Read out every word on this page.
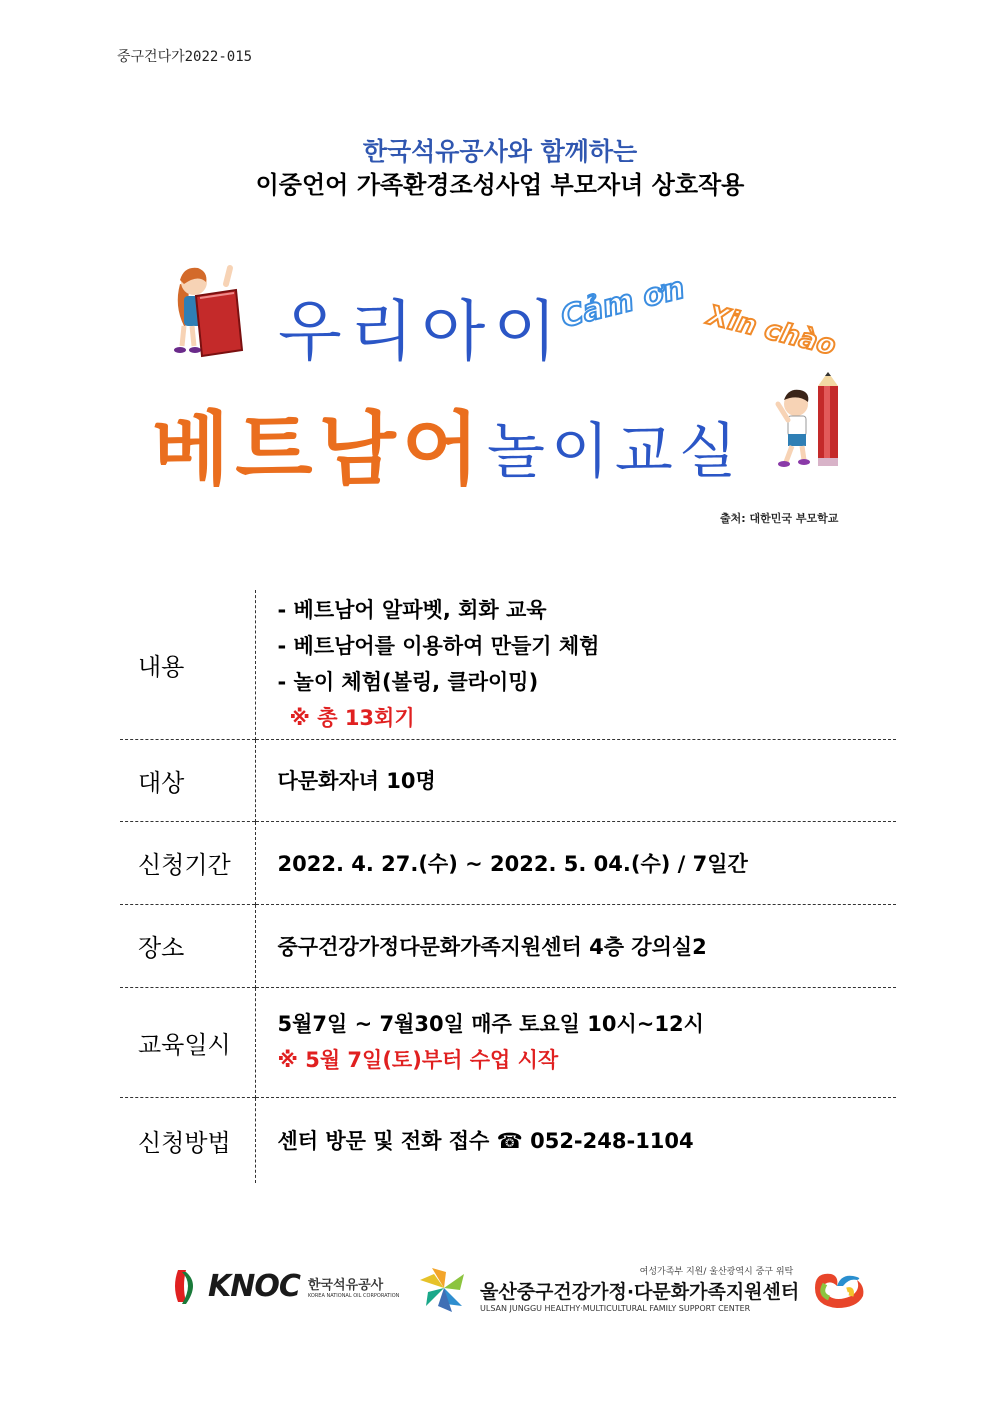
중구건다가2022-015
한국석유공사와 함께하는
이중언어 가족환경조성사업 부모자녀 상호작용
우리아이
Cảm ơn Xin chào
베트남어 놀이교실
출처: 대한민국 부모학교
내용	- 베트남어 알파벳, 회화 교육
- 베트남어를 이용하여 만들기 체험
- 놀이 체험(볼링, 클라이밍)
※ 총 13회기

대상	다문화자녀 10명
신청기간	2022. 4. 27.(수) ~ 2022. 5. 04.(수) / 7일간
장소	중구건강가정다문화가족지원센터 4층 강의실2
교육일시	5월7일 ~ 7월30일 매주 토요일 10시~12시
※ 5월 7일(토)부터 수업 시작

신청방법	센터 방문 및 전화 접수 ☎ 052-248-1104
KNOC 한국석유공사
KOREA NATIONAL OIL CORPORATION
여성가족부 지원/ 울산광역시 중구 위탁
울산중구건강가정·다문화가족지원센터
ULSAN JUNGGU HEALTHY·MULTICULTURAL FAMILY SUPPORT CENTER
